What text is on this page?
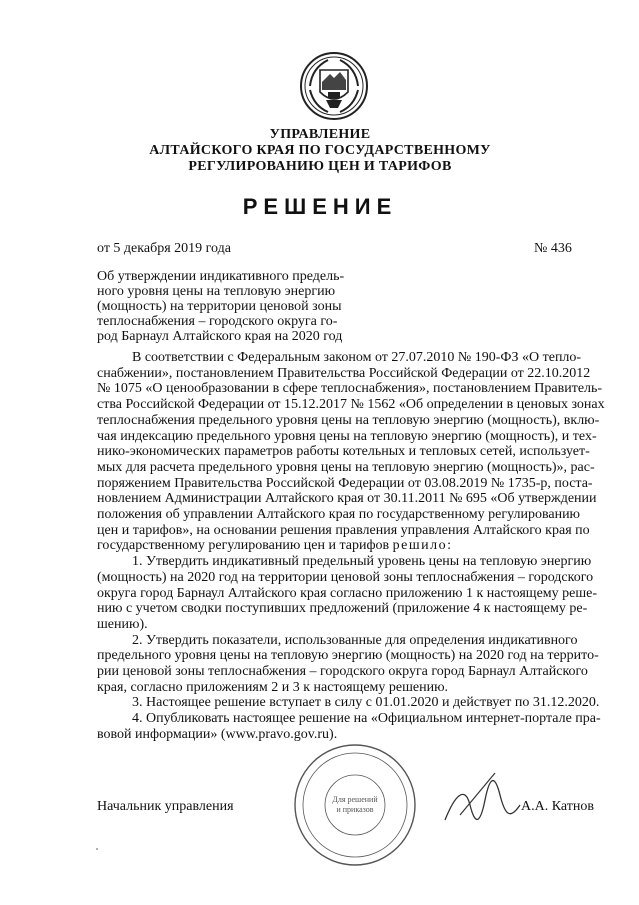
УПРАВЛЕНИЕ
АЛТАЙСКОГО КРАЯ ПО ГОСУДАРСТВЕННОМУ
РЕГУЛИРОВАНИЮ ЦЕН И ТАРИФОВ
РЕШЕНИЕ
от 5 декабря 2019 года	№ 436
Об утверждении индикативного предель-
ного уровня цены на тепловую энергию
(мощность) на территории ценовой зоны
теплоснабжения – городского округа го-
род Барнаул Алтайского края на 2020 год
В соответствии с Федеральным законом от 27.07.2010 № 190-ФЗ «О тепло-
снабжении», постановлением Правительства Российской Федерации от 22.10.2012
№ 1075 «О ценообразовании в сфере теплоснабжения», постановлением Правитель-
ства Российской Федерации от 15.12.2017 № 1562 «Об определении в ценовых зонах
теплоснабжения предельного уровня цены на тепловую энергию (мощность), вклю-
чая индексацию предельного уровня цены на тепловую энергию (мощность), и тех-
нико-экономических параметров работы котельных и тепловых сетей, использует-
мых для расчета предельного уровня цены на тепловую энергию (мощность)», рас-
поряжением Правительства Российской Федерации от 03.08.2019 № 1735-р, поста-
новлением Администрации Алтайского края от 30.11.2011 № 695 «Об утверждении
положения об управлении Алтайского края по государственному регулированию
цен и тарифов», на основании решения правления управления Алтайского края по
государственному регулированию цен и тарифов решило:
1. Утвердить индикативный предельный уровень цены на тепловую энергию
(мощность) на 2020 год на территории ценовой зоны теплоснабжения – городского
округа город Барнаул Алтайского края согласно приложению 1 к настоящему реше-
нию с учетом сводки поступивших предложений (приложение 4 к настоящему ре-
шению).
2. Утвердить показатели, использованные для определения индикативного
предельного уровня цены на тепловую энергию (мощность) на 2020 год на террито-
рии ценовой зоны теплоснабжения – городского округа город Барнаул Алтайского
края, согласно приложениям 2 и 3 к настоящему решению.
3. Настоящее решение вступает в силу с 01.01.2020 и действует по 31.12.2020.
4. Опубликовать настоящее решение на «Официальном интернет-портале пра-
вовой информации» (www.pravo.gov.ru).
Для решений
и приказов
Начальник управления	А.А. Катнов
